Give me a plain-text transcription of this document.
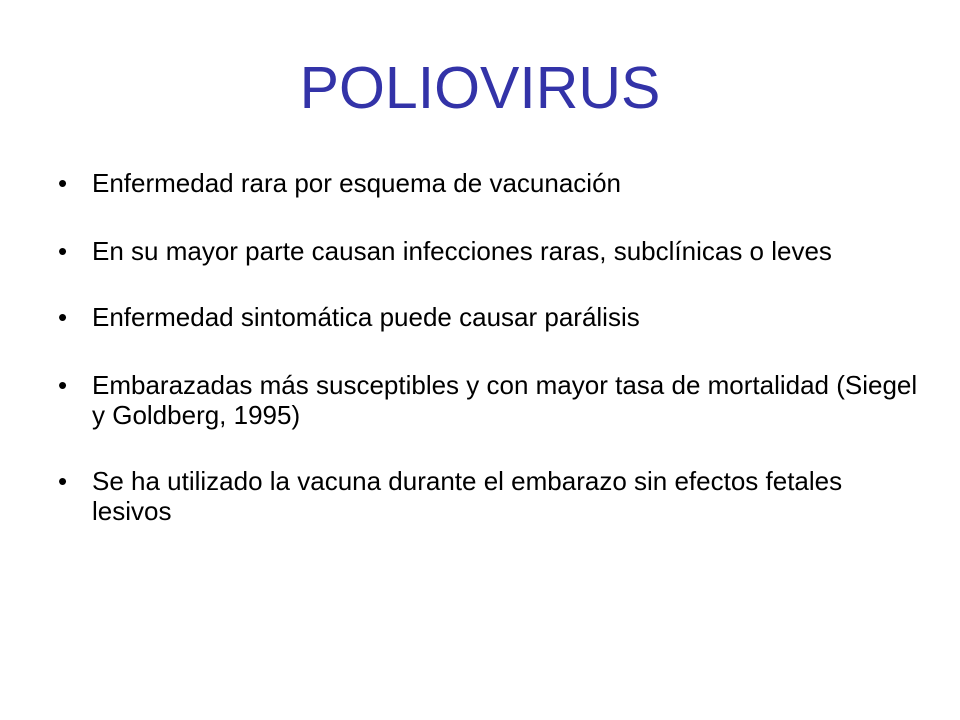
POLIOVIRUS
• Enfermedad rara por esquema de vacunación
• En su mayor parte causan infecciones raras, subclínicas o leves
• Enfermedad sintomática puede causar parálisis
• Embarazadas más susceptibles y con mayor tasa de mortalidad (Siegel y Goldberg, 1995)
• Se ha utilizado la vacuna durante el embarazo sin efectos fetales lesivos
